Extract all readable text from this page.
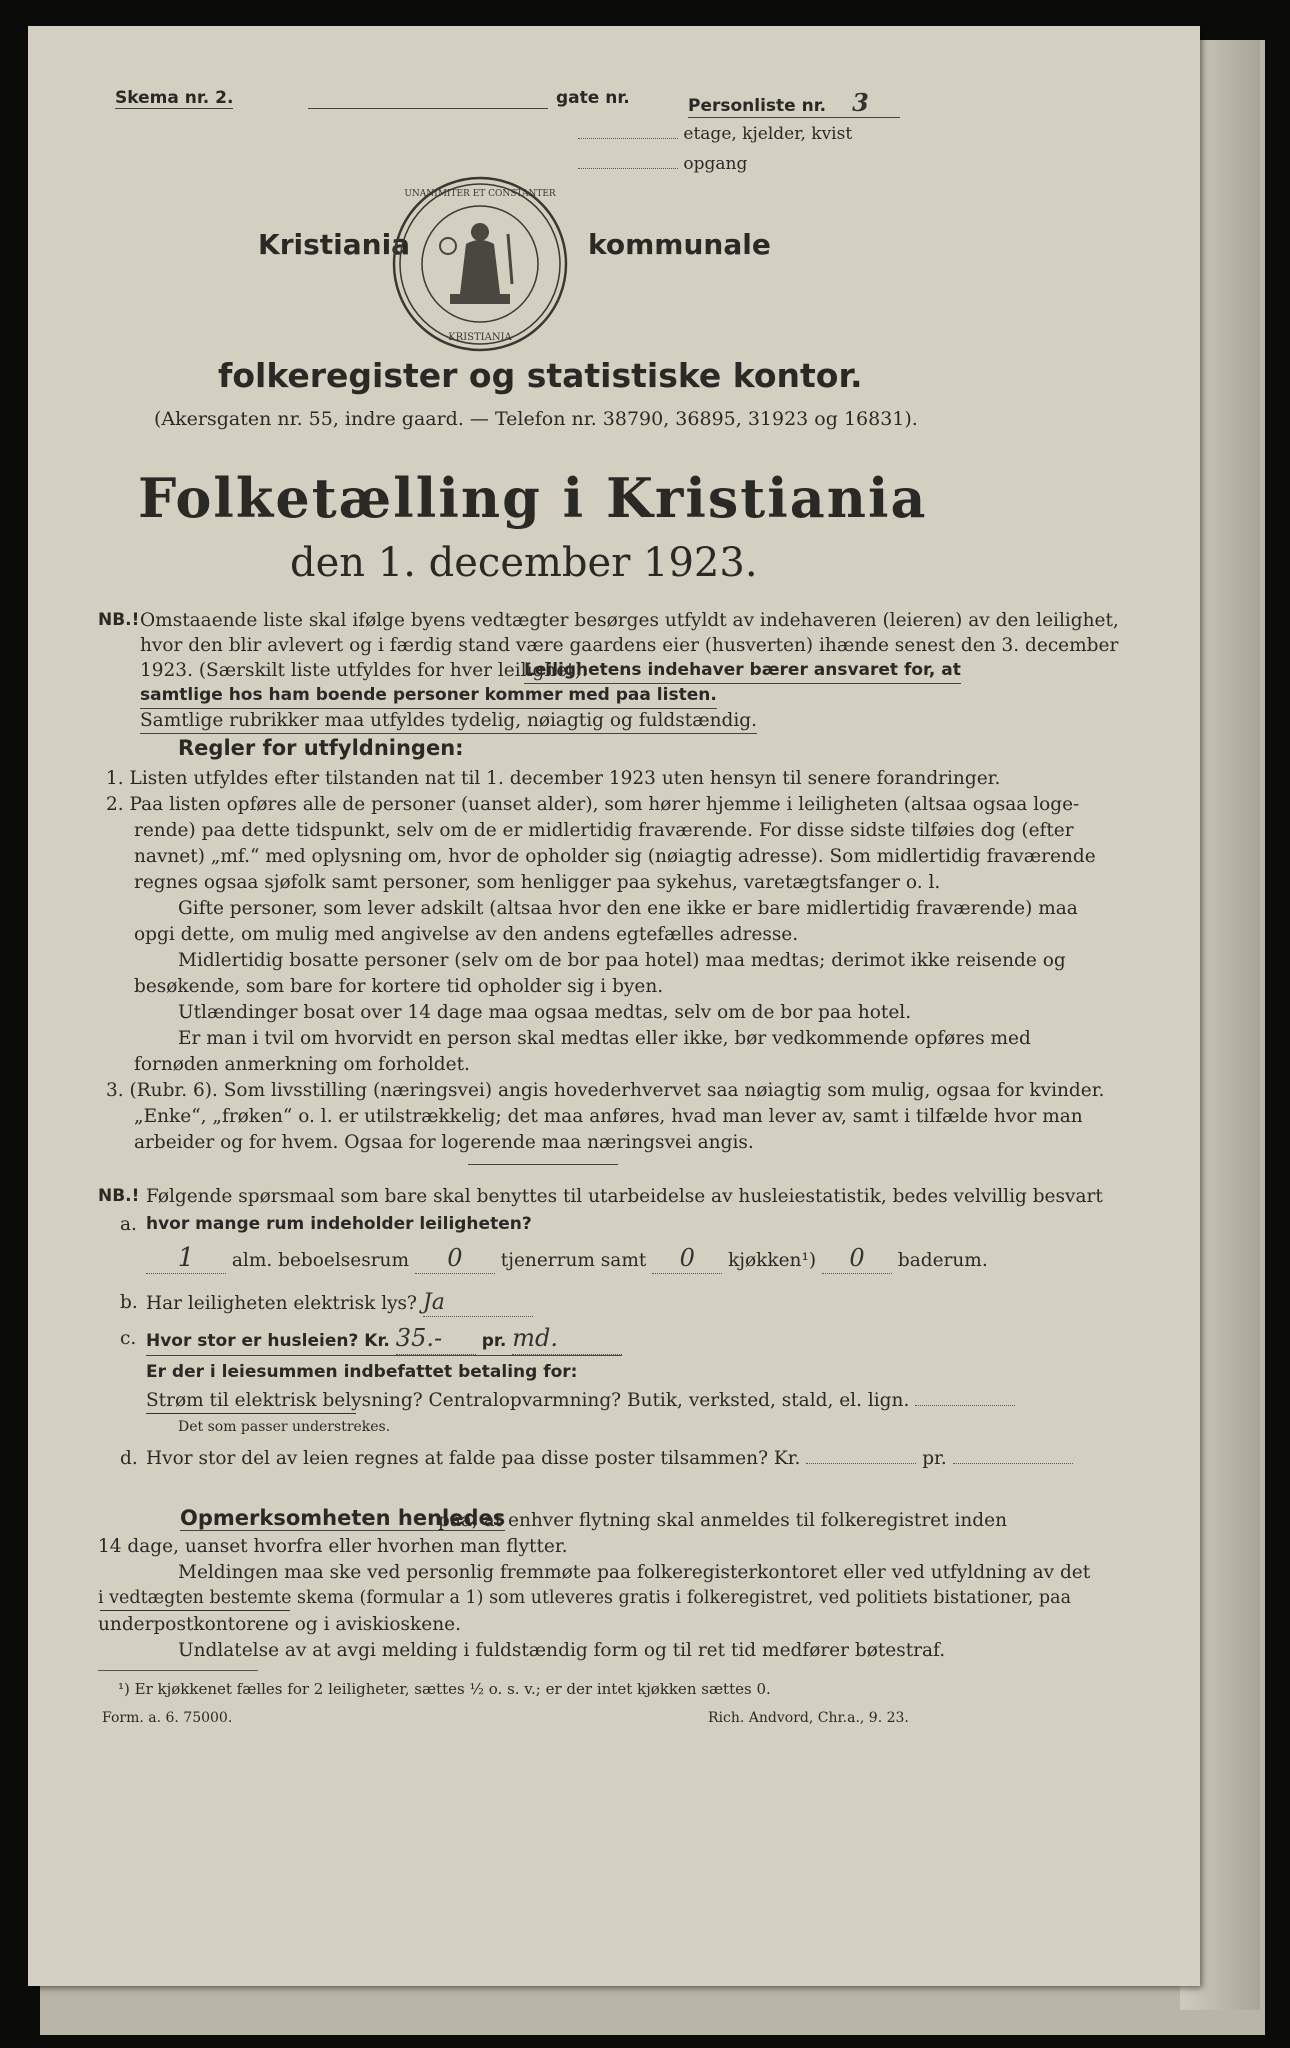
Skema nr. 2.	gate nr.	Personliste nr. 3
etage, kjelder, kvist
opgang
Kristiania	kommunale
UNANIMITER ET CONSTANTER
KRISTIANIA
folkeregister og statistiske kontor.
(Akersgaten nr. 55, indre gaard. — Telefon nr. 38790, 36895, 31923 og 16831).
Folketælling i Kristiania
den 1. december 1923.
NB.! Omstaaende liste skal ifølge byens vedtægter besørges utfyldt av indehaveren (leieren) av den leilighet,
hvor den blir avlevert og i færdig stand være gaardens eier (husverten) ihænde senest den 3. december
1923. (Særskilt liste utfyldes for hver leilighet).
Leilighetens indehaver bærer ansvaret for, at
samtlige hos ham boende personer kommer med paa listen.
Samtlige rubrikker maa utfyldes tydelig, nøiagtig og fuldstændig.
Regler for utfyldningen:
1. Listen utfyldes efter tilstanden nat til 1. december 1923 uten hensyn til senere forandringer.
2. Paa listen opføres alle de personer (uanset alder), som hører hjemme i leiligheten (altsaa ogsaa loge-
rende) paa dette tidspunkt, selv om de er midlertidig fraværende. For disse sidste tilføies dog (efter
navnet) „mf.“ med oplysning om, hvor de opholder sig (nøiagtig adresse). Som midlertidig fraværende
regnes ogsaa sjøfolk samt personer, som henligger paa sykehus, varetægtsfanger o. l.
Gifte personer, som lever adskilt (altsaa hvor den ene ikke er bare midlertidig fraværende) maa
opgi dette, om mulig med angivelse av den andens egtefælles adresse.
Midlertidig bosatte personer (selv om de bor paa hotel) maa medtas; derimot ikke reisende og
besøkende, som bare for kortere tid opholder sig i byen.
Utlændinger bosat over 14 dage maa ogsaa medtas, selv om de bor paa hotel.
Er man i tvil om hvorvidt en person skal medtas eller ikke, bør vedkommende opføres med
fornøden anmerkning om forholdet.
3. (Rubr. 6). Som livsstilling (næringsvei) angis hovederhvervet saa nøiagtig som mulig, ogsaa for kvinder.
„Enke“, „frøken“ o. l. er utilstrækkelig; det maa anføres, hvad man lever av, samt i tilfælde hvor man
arbeider og for hvem. Ogsaa for logerende maa næringsvei angis.
NB.! Følgende spørsmaal som bare skal benyttes til utarbeidelse av husleiestatistik, bedes velvillig besvart
a. hvor mange rum indeholder leiligheten?
1 alm. beboelsesrum 0 tjenerrum samt 0 kjøkken¹) 0 baderum.
b. Har leiligheten elektrisk lys? Ja
c. Hvor stor er husleien? Kr. 35.- pr. md.
Er der i leiesummen indbefattet betaling for:
Strøm til elektrisk belysning? Centralopvarmning? Butik, verksted, stald, el. lign.
Det som passer understrekes.
d. Hvor stor del av leien regnes at falde paa disse poster tilsammen? Kr.	pr.
Opmerksomheten henledes
paa, at enhver flytning skal anmeldes til folkeregistret inden
14 dage, uanset hvorfra eller hvorhen man flytter.
Meldingen maa ske ved personlig fremmøte paa folkeregisterkontoret eller ved utfyldning av det
i vedtægten bestemte skema (formular a 1) som utleveres gratis i folkeregistret, ved politiets bistationer, paa
underpostkontorene og i aviskioskene.
Undlatelse av at avgi melding i fuldstændig form og til ret tid medfører bøtestraf.
¹) Er kjøkkenet fælles for 2 leiligheter, sættes ½ o. s. v.; er der intet kjøkken sættes 0.
Form. a. 6. 75000.	Rich. Andvord, Chr.a., 9. 23.
